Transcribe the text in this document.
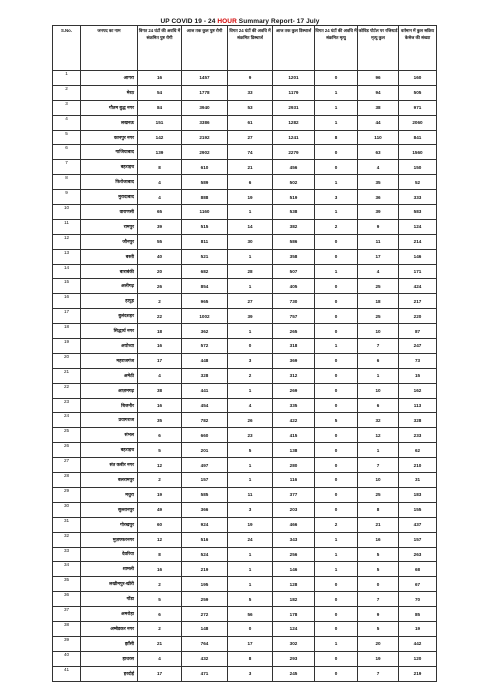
UP COVID 19 - 24 HOUR Summary Report- 17 July
S.No.	जनपद का नाम	विगत 24 घंटों की अवधि में संक्रमित पुष्ट रोगी	आज तक कुल पुष्ट रोगी	विगत 24 घंटों की अवधि में संक्रमित डिस्चार्ज	आज तक कुल डिस्चार्ज	विगत 24 घंटों की अवधि में संक्रमित मृत्यु	कोविड पोर्टल पर रजिस्टर्ड मृत्यु कुल	वर्तमान में कुल सक्रिय केसेज की संख्या
1	आगरा	16	1457	9	1201	0	96	160
2	मेरठ	54	1778	33	1179	1	94	505
3	गौतम बुद्ध नगर	84	3940	53	2931	1	38	971
4	लखनऊ	151	3386	61	1282	1	44	2060
5	कानपुर नगर	142	2192	27	1241	8	110	841
6	गाजियाबाद	139	2902	74	2279	0	63	1560
7	बहराइच	8	610	21	456	0	4	150
8	फिरोजाबाद	4	589	6	502	1	35	52
9	मुरादाबाद	4	888	19	519	3	36	333
10	वाराणसी	65	1160	1	538	1	39	583
11	रामपुर	39	515	14	382	2	9	124
12	जौनपुर	55	811	30	586	0	11	214
13	बस्ती	40	521	1	358	0	17	146
14	बाराबंकी	20	682	28	507	1	4	171
15	अलीगढ़	26	854	1	405	0	25	424
16	हापुड़	2	965	27	730	0	18	217
17	बुलंदशहर	22	1002	39	757	0	25	220
18	सिद्धार्थ नगर	18	362	1	265	0	10	87
19	अयोध्या	16	572	0	318	1	7	247
20	महराजगंज	17	448	3	369	0	6	73
21	अमेठी	4	328	2	312	0	1	15
22	आज़मगढ़	38	441	1	269	0	10	162
23	बिजनौर	16	454	4	335	0	6	113
24	प्रयागराज	35	782	26	422	5	32	328
25	संभल	6	660	23	415	0	12	233
26	बहराइच	5	201	5	138	0	1	62
27	संत कबीर नगर	12	497	1	280	0	7	210
28	बलरामपुर	2	157	1	116	0	10	31
29	मथुरा	19	585	11	377	0	25	183
30	सुल्तानपुर	49	366	3	203	0	8	155
31	गोरखपुर	60	924	19	466	2	21	437
32	मुज़फ्फरनगर	12	516	24	343	1	16	157
33	देवरिया	8	524	1	256	1	5	263
34	शामली	16	219	1	146	1	5	68
35	लखीमपुर-खीरी	2	195	1	128	0	0	67
36	गोंडा	5	259	5	182	0	7	70
37	अमरोहा	6	272	56	178	0	9	85
38	अम्बेडकर नगर	2	148	0	124	0	5	19
39	झाँसी	21	764	17	302	1	20	442
40	हाथरस	4	432	8	293	0	19	120
41	हरदोई	17	471	3	245	0	7	219
